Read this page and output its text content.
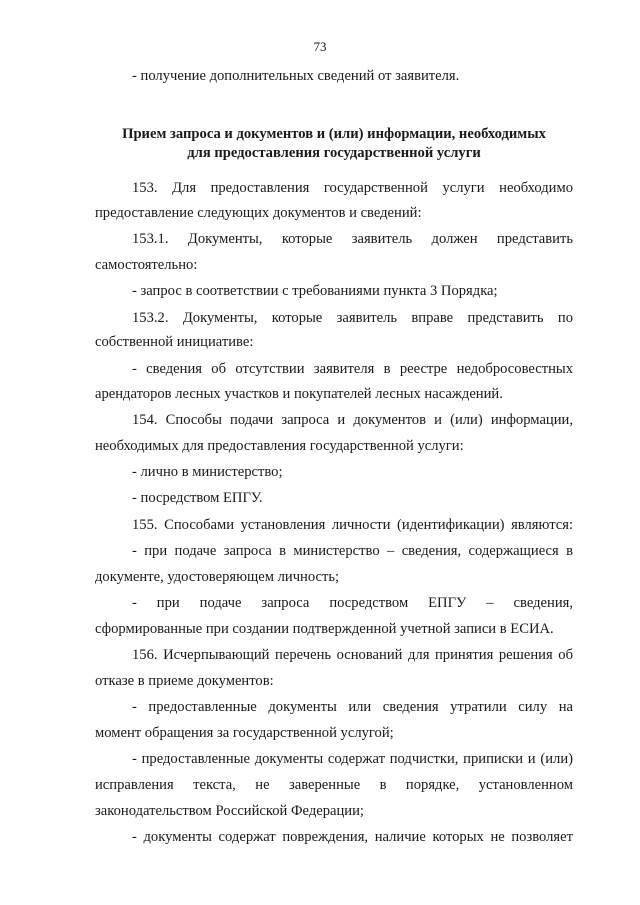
73
- получение дополнительных сведений от заявителя.
Прием запроса и документов и (или) информации, необходимых
для предоставления государственной услуги
153. Для предоставления государственной услуги необходимо
предоставление следующих документов и сведений:
153.1. Документы, которые заявитель должен представить
самостоятельно:
- запрос в соответствии с требованиями пункта 3 Порядка;
153.2. Документы, которые заявитель вправе представить по
собственной инициативе:
- сведения об отсутствии заявителя в реестре недобросовестных
арендаторов лесных участков и покупателей лесных насаждений.
154. Способы подачи запроса и документов и (или) информации,
необходимых для предоставления государственной услуги:
- лично в министерство;
- посредством ЕПГУ.
155. Способами установления личности (идентификации) являются:
- при подаче запроса в министерство – сведения, содержащиеся в
документе, удостоверяющем личность;
- при подаче запроса посредством ЕПГУ – сведения,
сформированные при создании подтвержденной учетной записи в ЕСИА.
156. Исчерпывающий перечень оснований для принятия решения об
отказе в приеме документов:
- предоставленные документы или сведения утратили силу на
момент обращения за государственной услугой;
- предоставленные документы содержат подчистки, приписки и (или)
исправления текста, не заверенные в порядке, установленном
законодательством Российской Федерации;
- документы содержат повреждения, наличие которых не позволяет
